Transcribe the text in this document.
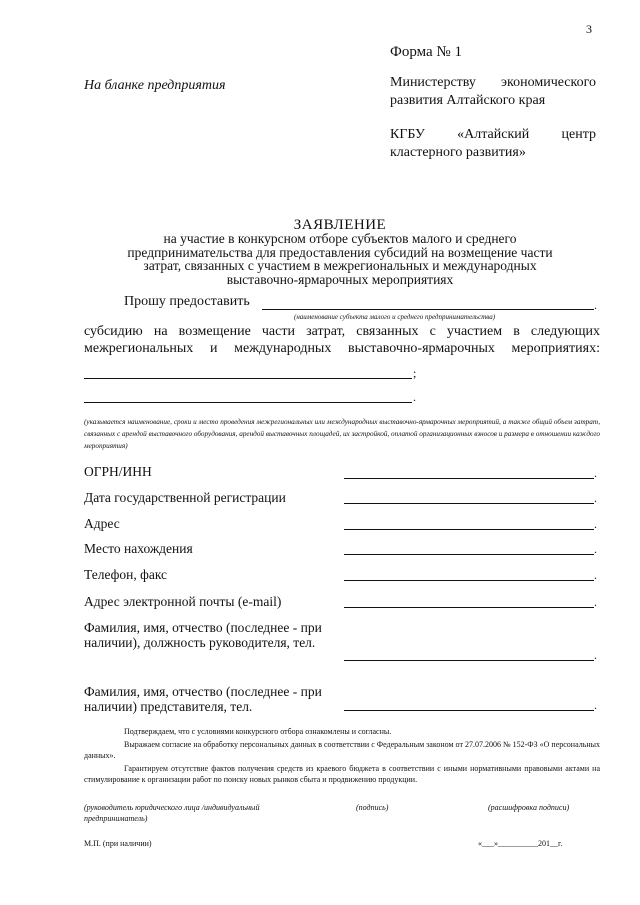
3
Форма № 1
На бланке предприятия	Министерству экономического
развития Алтайского края
КГБУ «Алтайский центр
кластерного развития»
ЗАЯВЛЕНИЕ
на участие в конкурсном отборе субъектов малого и среднего
предпринимательства для предоставления субсидий на возмещение части
затрат, связанных с участием в межрегиональных и международных
выставочно-ярмарочных мероприятиях
Прошу предоставить	.
(наименование субъекта малого и среднего предпринимательства)
субсидию на возмещение части затрат, связанных с участием в следующих межрегиональных и международных выставочно-ярмарочных мероприятиях:
;
.
(указывается наименование, сроки и место проведения межрегиональных или международных выставочно-ярмарочных мероприятий, а также общий объем затрат, связанных с арендой выставочного оборудования, арендой выставочных площадей, их застройкой, оплатой организационных взносов и размера в отношении каждого мероприятия)
ОГРН/ИНН	.
Дата государственной регистрации	.
Адрес	.
Место нахождения	.
Телефон, факс	.
Адрес электронной почты (e-mail)	.
Фамилия, имя, отчество (последнее - при наличии), должность руководителя, тел.
.
Фамилия, имя, отчество (последнее - при наличии) представителя, тел.	.
Подтверждаем, что с условиями конкурсного отбора ознакомлены и согласны.
Выражаем согласие на обработку персональных данных в соответствии с Федеральным законом от 27.07.2006 № 152-ФЗ «О персональных данных».
Гарантируем отсутствие фактов получения средств из краевого бюджета в соответствии с иными нормативными правовыми актами на стимулирование к организации работ по поиску новых рынков сбыта и продвижению продукции.
(руководитель юридического лица /индивидуальный предприниматель)
(подпись)	(расшифровка подписи)
М.П. (при наличии)	«___»__________201__г.
